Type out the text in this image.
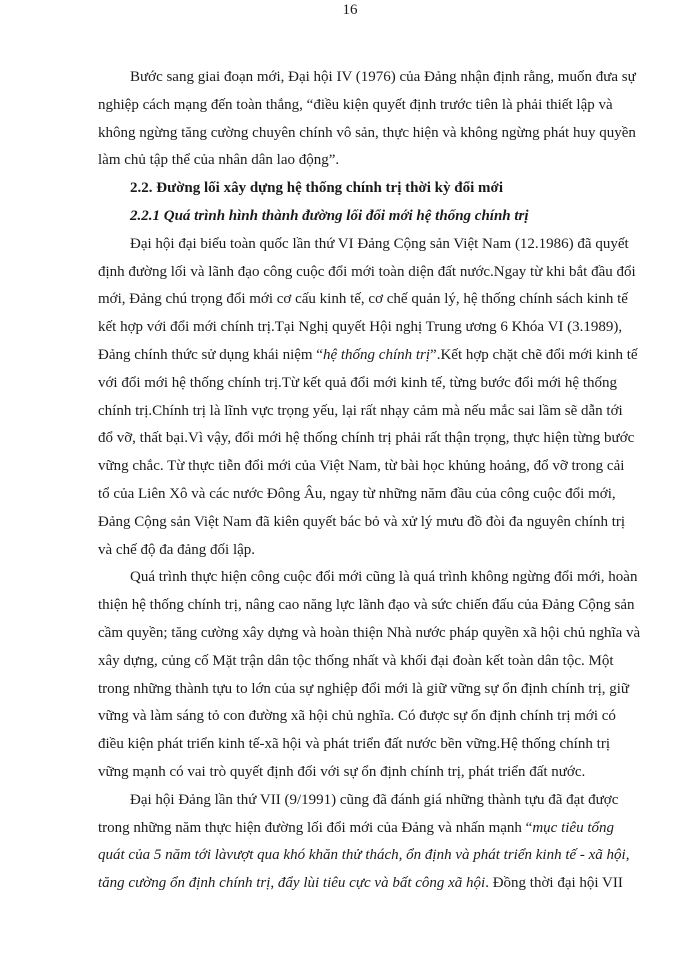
16
Bước sang giai đoạn mới, Đại hội IV (1976) của Đảng nhận định rằng, muốn đưa sự
nghiệp cách mạng đến toàn thắng, “điều kiện quyết định trước tiên là phải thiết lập và
không ngừng tăng cường chuyên chính vô sản, thực hiện và không ngừng phát huy quyền
làm chủ tập thể của nhân dân lao động”.
2.2. Đường lối xây dựng hệ thống chính trị thời kỳ đổi mới
2.2.1 Quá trình hình thành đường lối đổi mới hệ thống chính trị
Đại hội đại biểu toàn quốc lần thứ VI Đảng Cộng sản Việt Nam (12.1986) đã quyết
định đường lối và lãnh đạo công cuộc đổi mới toàn diện đất nước.Ngay từ khi bắt đầu đổi
mới, Đảng chú trọng đổi mới cơ cấu kinh tế, cơ chế quản lý, hệ thống chính sách kinh tế
kết hợp với đổi mới chính trị.Tại Nghị quyết Hội nghị Trung ương 6 Khóa VI (3.1989),
Đảng chính thức sử dụng khái niệm “hệ thống chính trị”.Kết hợp chặt chẽ đổi mới kinh tế
với đổi mới hệ thống chính trị.Từ kết quả đổi mới kinh tế, từng bước đổi mới hệ thống
chính trị.Chính trị là lĩnh vực trọng yếu, lại rất nhạy cảm mà nếu mắc sai lầm sẽ dẫn tới
đổ vỡ, thất bại.Vì vậy, đổi mới hệ thống chính trị phải rất thận trọng, thực hiện từng bước
vững chắc. Từ thực tiễn đổi mới của Việt Nam, từ bài học khủng hoảng, đổ vỡ trong cải
tổ của Liên Xô và các nước Đông Âu, ngay từ những năm đầu của công cuộc đổi mới,
Đảng Cộng sản Việt Nam đã kiên quyết bác bỏ và xử lý mưu đồ đòi đa nguyên chính trị
và chế độ đa đảng đối lập.
Quá trình thực hiện công cuộc đổi mới cũng là quá trình không ngừng đổi mới, hoàn
thiện hệ thống chính trị, nâng cao năng lực lãnh đạo và sức chiến đấu của Đảng Cộng sản
cầm quyền; tăng cường xây dựng và hoàn thiện Nhà nước pháp quyền xã hội chủ nghĩa và
xây dựng, củng cố Mặt trận dân tộc thống nhất và khối đại đoàn kết toàn dân tộc. Một
trong những thành tựu to lớn của sự nghiệp đổi mới là giữ vững sự ổn định chính trị, giữ
vững và làm sáng tỏ con đường xã hội chủ nghĩa. Có được sự ổn định chính trị mới có
điều kiện phát triển kinh tế-xã hội và phát triển đất nước bền vững.Hệ thống chính trị
vững mạnh có vai trò quyết định đối với sự ổn định chính trị, phát triển đất nước.
Đại hội Đảng lần thứ VII (9/1991) cũng đã đánh giá những thành tựu đã đạt được
trong những năm thực hiện đường lối đổi mới của Đảng và nhấn mạnh “mục tiêu tổng
quát của 5 năm tới làvượt qua khó khăn thử thách, ổn định và phát triển kinh tế - xã hội,
tăng cường ổn định chính trị, đẩy lùi tiêu cực và bất công xã hội. Đồng thời đại hội VII
